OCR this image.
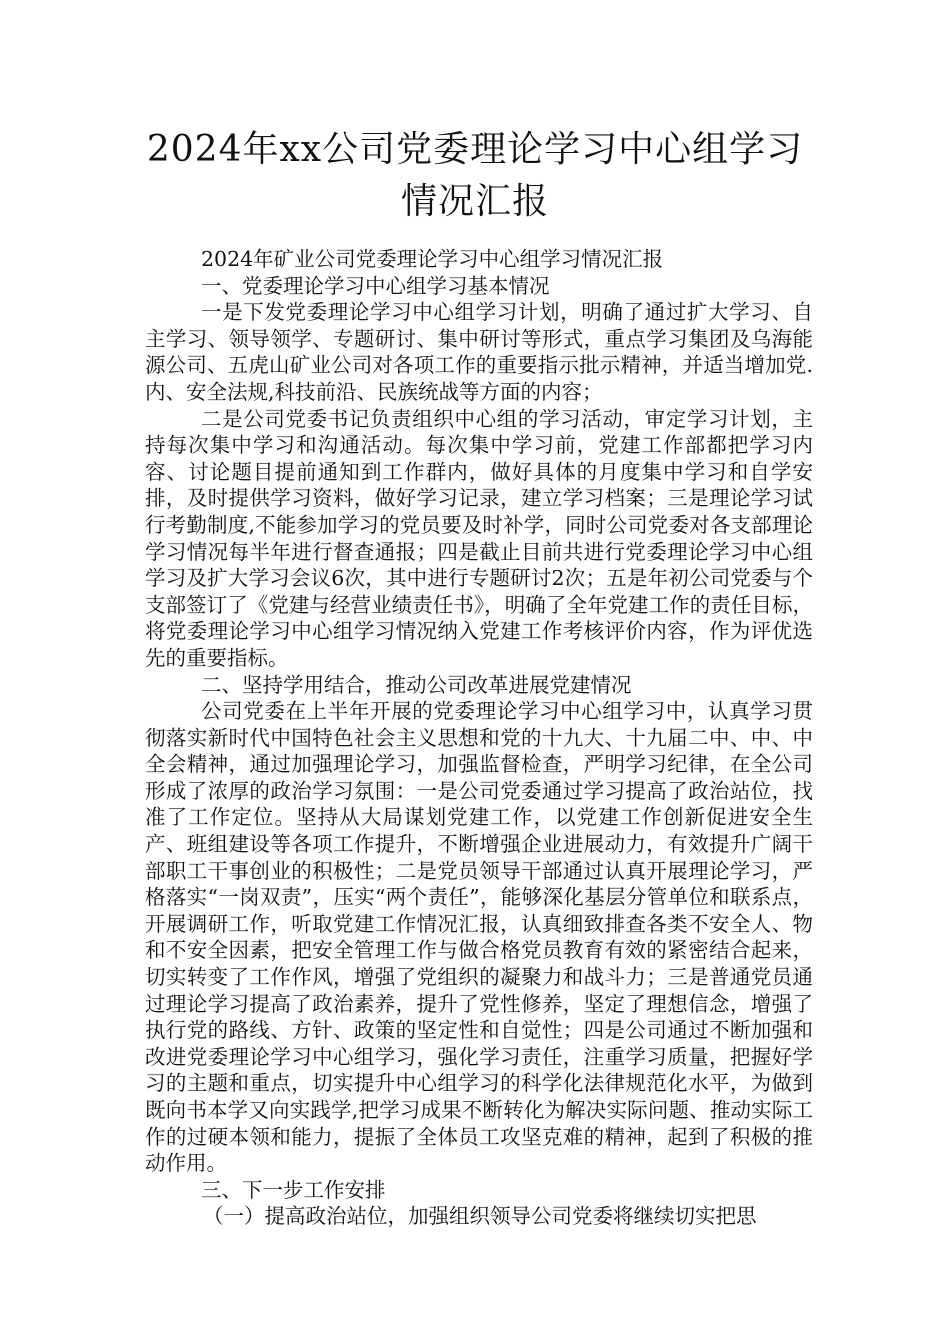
2024年xx公司党委理论学习中心组学习情况汇报

2024年矿业公司党委理论学习中心组学习情况汇报

一、党委理论学习中心组学习基本情况

一是下发党委理论学习中心组学习计划，明确了通过扩大学习、自主学习、领导领学、专题研讨、集中研讨等形式，重点学习集团及乌海能源公司、五虎山矿业公司对各项工作的重要指示批示精神，并适当增加党.内、安全法规,科技前沿、民族统战等方面的内容；

二是公司党委书记负责组织中心组的学习活动，审定学习计划，主持每次集中学习和沟通活动。每次集中学习前，党建工作部都把学习内容、讨论题目提前通知到工作群内，做好具体的月度集中学习和自学安排，及时提供学习资料，做好学习记录，建立学习档案；三是理论学习试行考勤制度,不能参加学习的党员要及时补学，同时公司党委对各支部理论学习情况每半年进行督查通报；四是截止目前共进行党委理论学习中心组学习及扩大学习会议6次，其中进行专题研讨2次；五是年初公司党委与个支部签订了《党建与经营业绩责任书》，明确了全年党建工作的责任目标，将党委理论学习中心组学习情况纳入党建工作考核评价内容，作为评优选先的重要指标。

二、坚持学用结合，推动公司改革进展党建情况

公司党委在上半年开展的党委理论学习中心组学习中，认真学习贯彻落实新时代中国特色社会主义思想和党的十九大、十九届二中、中、中全会精神，通过加强理论学习，加强监督检查，严明学习纪律，在全公司形成了浓厚的政治学习氛围：一是公司党委通过学习提高了政治站位，找准了工作定位。坚持从大局谋划党建工作，以党建工作创新促进安全生产、班组建设等各项工作提升，不断增强企业进展动力，有效提升广阔干部职工干事创业的积极性；二是党员领导干部通过认真开展理论学习，严格落实“一岗双责”，压实“两个责任”，能够深化基层分管单位和联系点，开展调研工作，听取党建工作情况汇报，认真细致排查各类不安全人、物和不安全因素，把安全管理工作与做合格党员教育有效的紧密结合起来，切实转变了工作作风，增强了党组织的凝聚力和战斗力；三是普通党员通过理论学习提高了政治素养，提升了党性修养，坚定了理想信念，增强了执行党的路线、方针、政策的坚定性和自觉性；四是公司通过不断加强和改进党委理论学习中心组学习，强化学习责任，注重学习质量，把握好学习的主题和重点，切实提升中心组学习的科学化法律规范化水平，为做到既向书本学又向实践学,把学习成果不断转化为解决实际问题、推动实际工作的过硬本领和能力，提振了全体员工攻坚克难的精神，起到了积极的推动作用。

三、下一步工作安排

（一）提高政治站位，加强组织领导公司党委将继续切实把思
